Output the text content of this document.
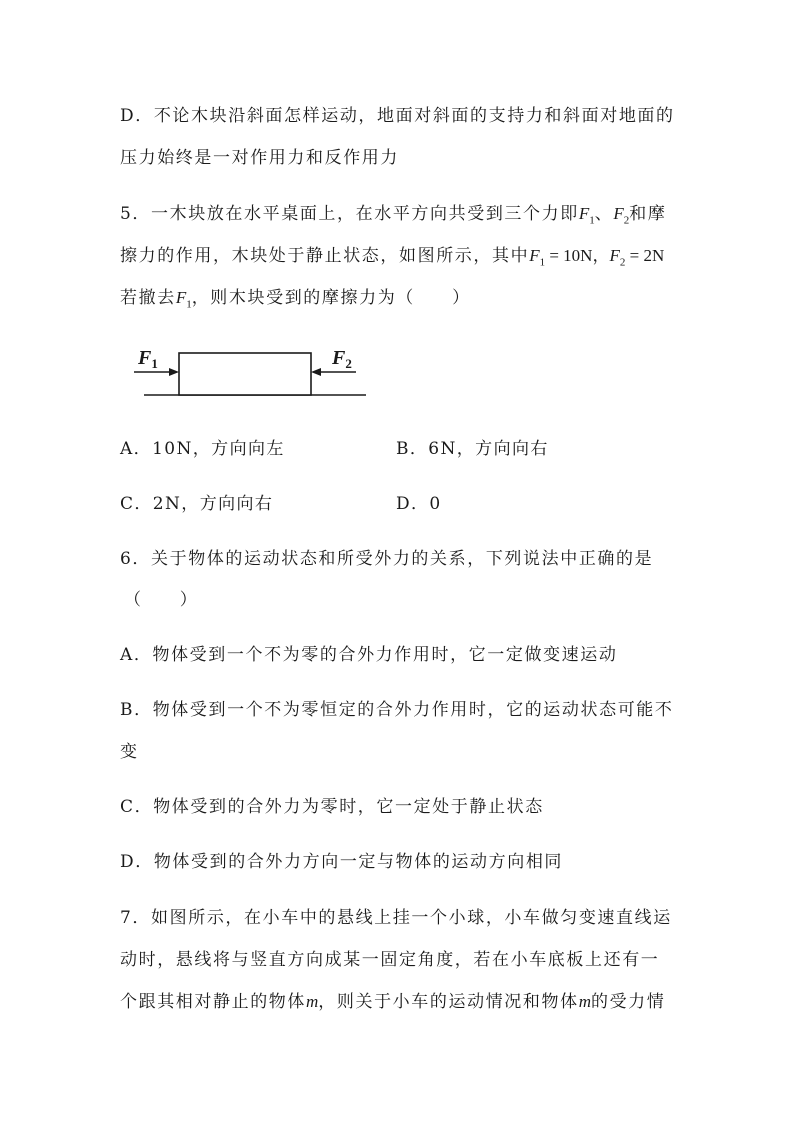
D．不论木块沿斜面怎样运动，地面对斜面的支持力和斜面对地面的
压力始终是一对作用力和反作用力
5．一木块放在水平桌面上，在水平方向共受到三个力即$F_1$、$F_2$和摩
擦力的作用，木块处于静止状态，如图所示，其中$F_1 = 10N$，$F_2 = 2N$
若撤去$F_1$，则木块受到的摩擦力为（　　）
$F_1$	$F_2$
A．10N，方向向左	B．6N，方向向右
C．2N，方向向右	D．0
6．关于物体的运动状态和所受外力的关系，下列说法中正确的是
（　　）
A．物体受到一个不为零的合外力作用时，它一定做变速运动
B．物体受到一个不为零恒定的合外力作用时，它的运动状态可能不
变
C．物体受到的合外力为零时，它一定处于静止状态
D．物体受到的合外力方向一定与物体的运动方向相同
7．如图所示，在小车中的悬线上挂一个小球，小车做匀变速直线运
动时，悬线将与竖直方向成某一固定角度，若在小车底板上还有一
个跟其相对静止的物体m，则关于小车的运动情况和物体m的受力情
